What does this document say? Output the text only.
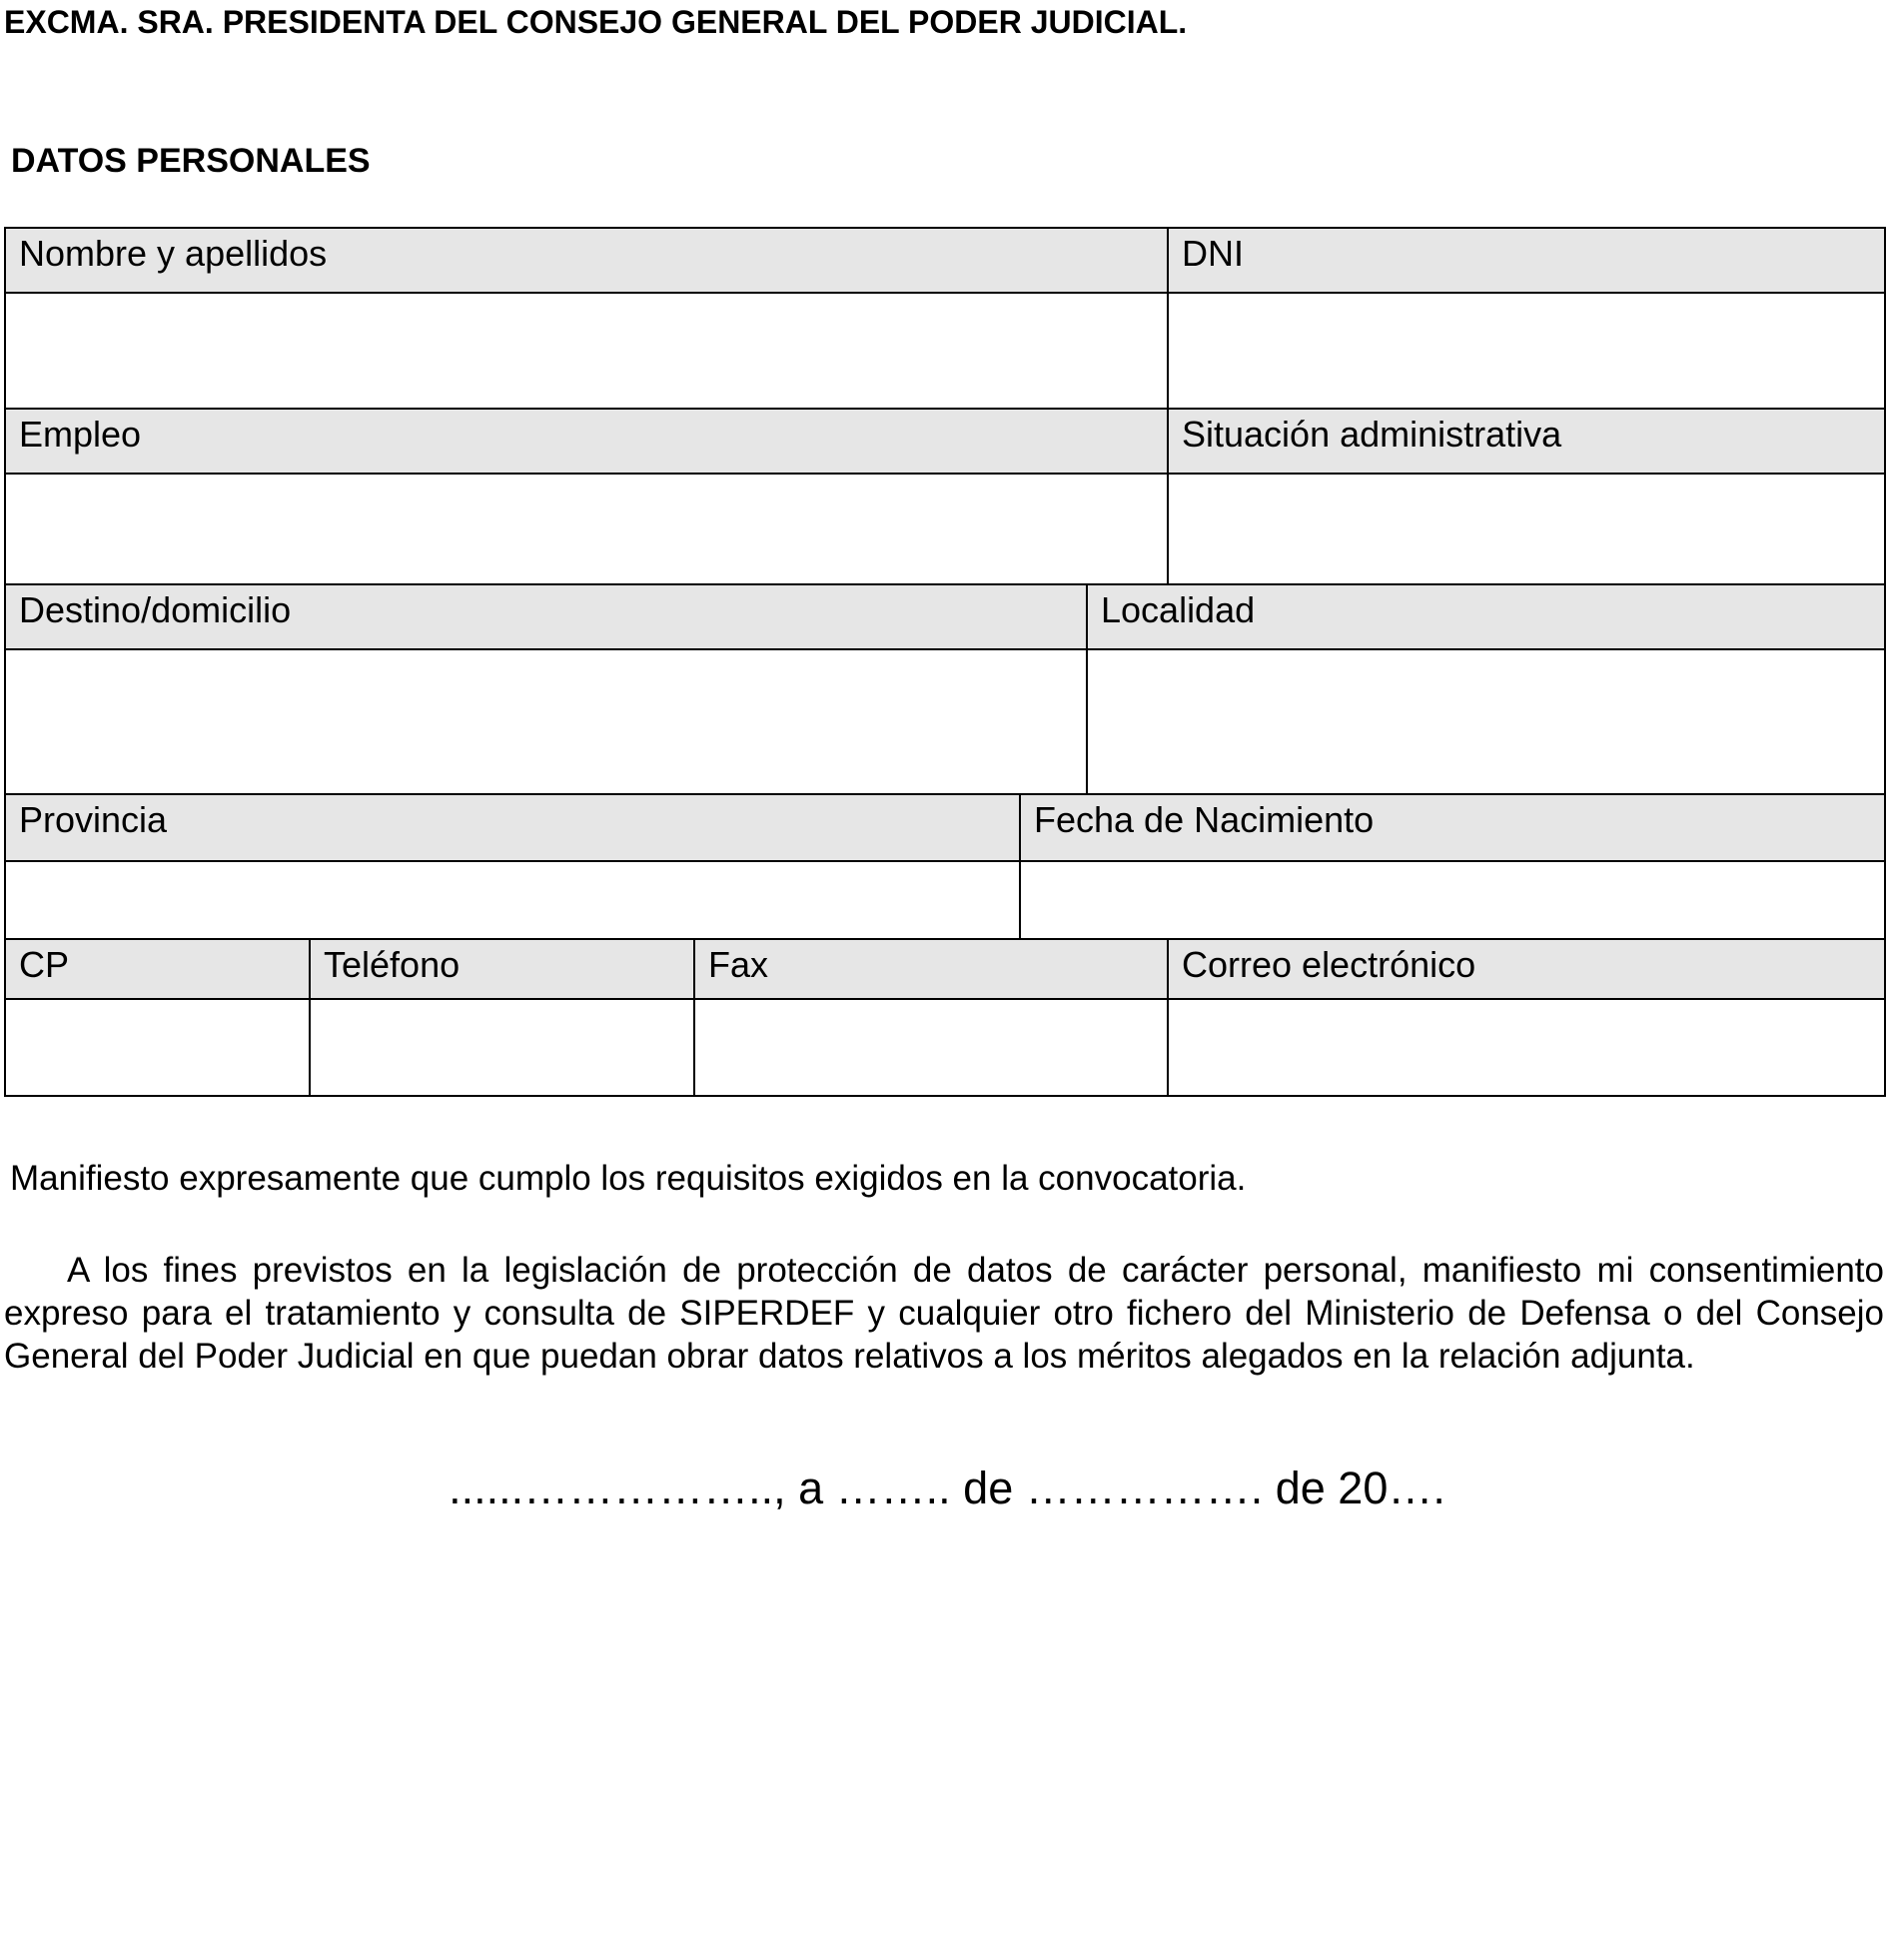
EXCMA. SRA. PRESIDENTA DEL CONSEJO GENERAL DEL PODER JUDICIAL.
DATOS PERSONALES
Nombre y apellidos	DNI
Empleo	Situación administrativa
Destino/domicilio	Localidad
Provincia	Fecha de Nacimiento
CP	Teléfono	Fax	Correo electrónico
Manifiesto expresamente que cumplo los requisitos exigidos en la convocatoria.
A los fines previstos en la legislación de protección de datos de carácter personal, manifiesto mi consentimiento expreso para el tratamiento y consulta de SIPERDEF y cualquier otro fichero del Ministerio de Defensa o del Consejo General del Poder Judicial en que puedan obrar datos relativos a los méritos alegados en la relación adjunta.
......…………….., a …….. de ……………. de 20….
